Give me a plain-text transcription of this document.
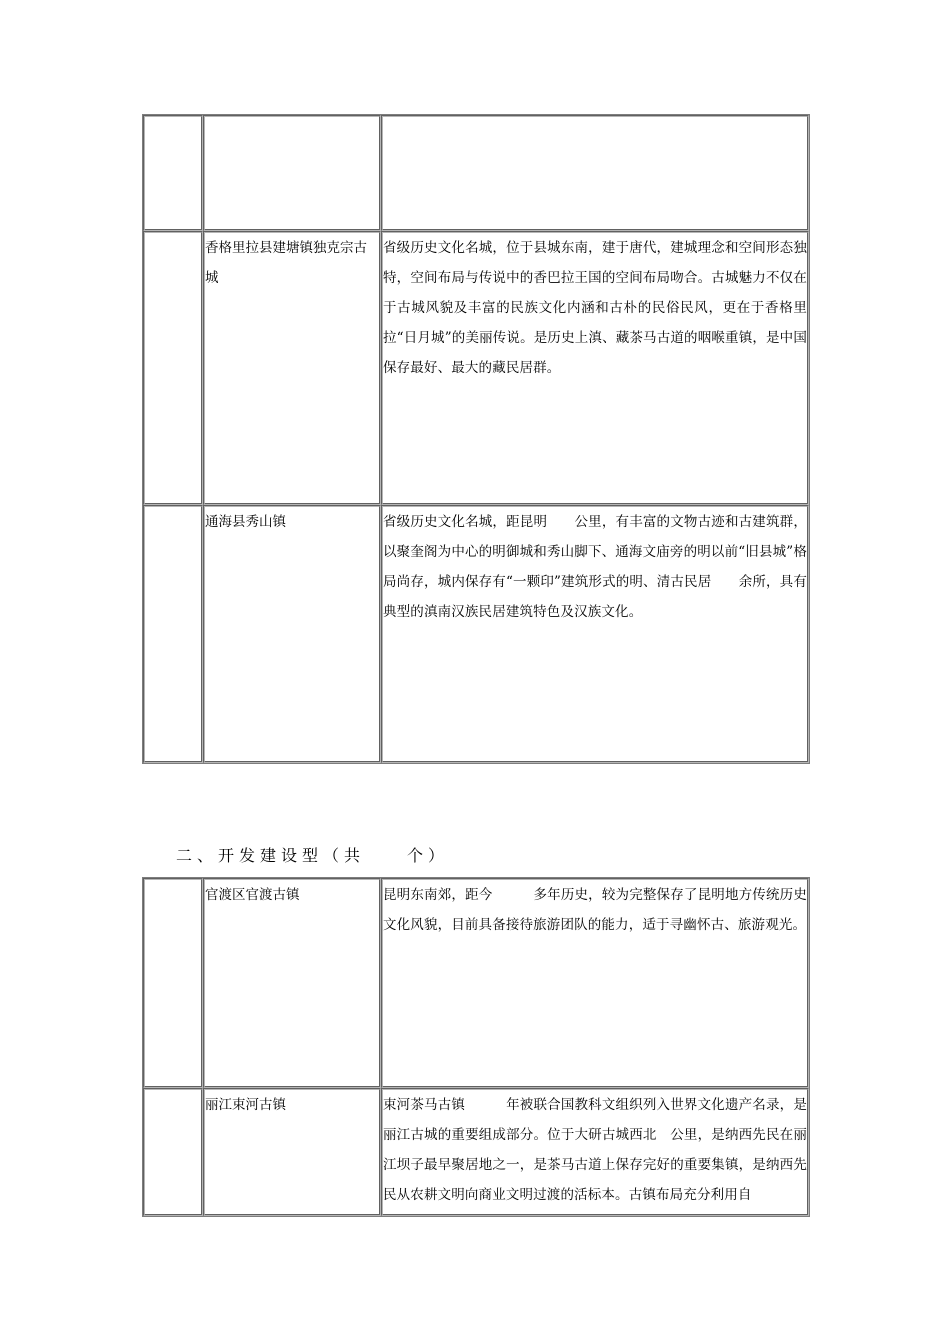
	香格里拉县建塘镇独克宗古城	省级历史文化名城，位于县城东南，建于唐代，建城理念和空间形态独特，空间布局与传说中的香巴拉王国的空间布局吻合。古城魅力不仅在于古城风貌及丰富的民族文化内涵和古朴的民俗民风，更在于香格里拉“日月城”的美丽传说。是历史上滇、藏茶马古道的咽喉重镇，是中国保存最好、最大的藏民居群。
	通海县秀山镇	省级历史文化名城，距昆明　　公里，有丰富的文物古迹和古建筑群，以聚奎阁为中心的明御城和秀山脚下、通海文庙旁的明以前“旧县城”格局尚存，城内保存有“一颗印”建筑形式的明、清古民居　　余所，具有典型的滇南汉族民居建筑特色及汉族文化。
二、开发建设型（共　　个）
	官渡区官渡古镇	昆明东南郊，距今　　　多年历史，较为完整保存了昆明地方传统历史文化风貌，目前具备接待旅游团队的能力，适于寻幽怀古、旅游观光。
	丽江束河古镇	束河茶马古镇　　　年被联合国教科文组织列入世界文化遗产名录，是丽江古城的重要组成部分。位于大研古城西北　公里，是纳西先民在丽江坝子最早聚居地之一，是茶马古道上保存完好的重要集镇，是纳西先民从农耕文明向商业文明过渡的活标本。古镇布局充分利用自
